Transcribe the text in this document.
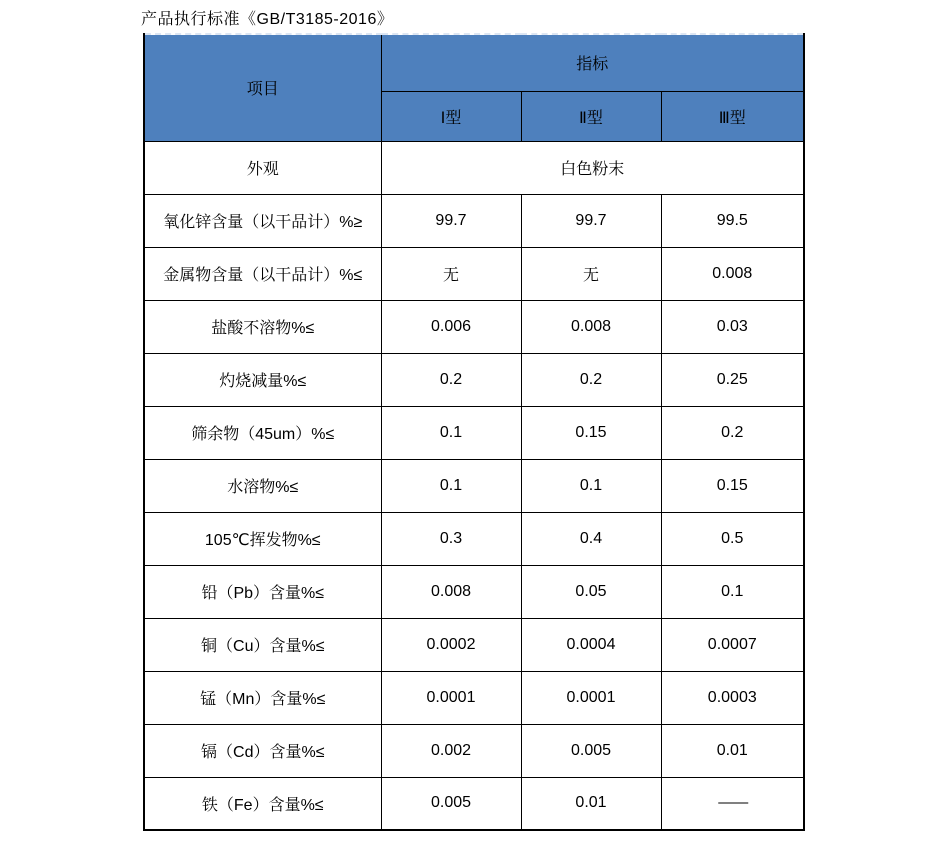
产品执行标准《GB/T3185-2016》
项目	指标		
	Ⅰ型	Ⅱ型	Ⅲ型
外观	白色粉末		
氧化锌含量（以干品计）%≥	99.7	99.7	99.5
金属物含量（以干品计）%≤	无	无	0.008
盐酸不溶物%≤	0.006	0.008	0.03
灼烧减量%≤	0.2	0.2	0.25
筛余物（45um）%≤	0.1	0.15	0.2
水溶物%≤	0.1	0.1	0.15
105℃挥发物%≤	0.3	0.4	0.5
铅（Pb）含量%≤	0.008	0.05	0.1
铜（Cu）含量%≤	0.0002	0.0004	0.0007
锰（Mn）含量%≤	0.0001	0.0001	0.0003
镉（Cd）含量%≤	0.002	0.005	0.01
铁（Fe）含量%≤	0.005	0.01	——
